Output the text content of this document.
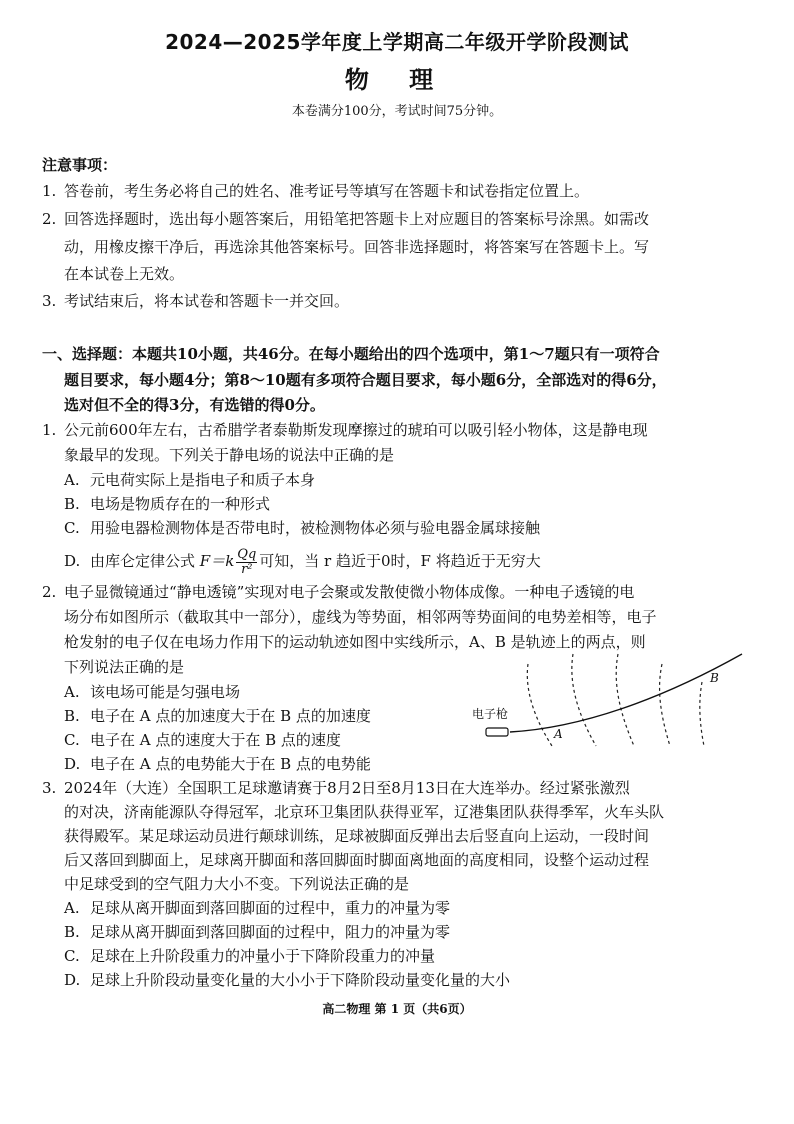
2024—2025学年度上学期高二年级开学阶段测试
物 理
本卷满分100分，考试时间75分钟。
注意事项：
1. 答卷前，考生务必将自己的姓名、准考证号等填写在答题卡和试卷指定位置上。
2. 回答选择题时，选出每小题答案后，用铅笔把答题卡上对应题目的答案标号涂黑。如需改
动，用橡皮擦干净后，再选涂其他答案标号。回答非选择题时，将答案写在答题卡上。写
在本试卷上无效。
3. 考试结束后，将本试卷和答题卡一并交回。
一、选择题：本题共10小题，共46分。在每小题给出的四个选项中，第1～7题只有一项符合
题目要求，每小题4分；第8～10题有多项符合题目要求，每小题6分，全部选对的得6分，
选对但不全的得3分，有选错的得0分。
1. 公元前600年左右，古希腊学者泰勒斯发现摩擦过的琥珀可以吸引轻小物体，这是静电现
象最早的发现。下列关于静电场的说法中正确的是
A. 元电荷实际上是指电子和质子本身
B. 电场是物质存在的一种形式
C. 用验电器检测物体是否带电时，被检测物体必须与验电器金属球接触
D. 由库仑定律公式 $F=k \frac{Qq}{\text{r²}}$ 可知，当 r 趋近于0时，F 将趋近于无穷大
2. 电子显微镜通过“静电透镜”实现对电子会聚或发散使微小物体成像。一种电子透镜的电
场分布如图所示（截取其中一部分），虚线为等势面，相邻两等势面间的电势差相等，电子
枪发射的电子仅在电场力作用下的运动轨迹如图中实线所示，A、B 是轨迹上的两点，则
下列说法正确的是
A. 该电场可能是匀强电场
B. 电子在 A 点的加速度大于在 B 点的加速度
C. 电子在 A 点的速度大于在 B 点的速度
D. 电子在 A 点的电势能大于在 B 点的电势能
电子枪
A
B
3. 2024年（大连）全国职工足球邀请赛于8月2日至8月13日在大连举办。经过紧张激烈
的对决，济南能源队夺得冠军，北京环卫集团队获得亚军，辽港集团队获得季军，火车头队
获得殿军。某足球运动员进行颠球训练，足球被脚面反弹出去后竖直向上运动，一段时间
后又落回到脚面上，足球离开脚面和落回脚面时脚面离地面的高度相同，设整个运动过程
中足球受到的空气阻力大小不变。下列说法正确的是
A. 足球从离开脚面到落回脚面的过程中，重力的冲量为零
B. 足球从离开脚面到落回脚面的过程中，阻力的冲量为零
C. 足球在上升阶段重力的冲量小于下降阶段重力的冲量
D. 足球上升阶段动量变化量的大小小于下降阶段动量变化量的大小
高二物理 第 1 页（共6页）
